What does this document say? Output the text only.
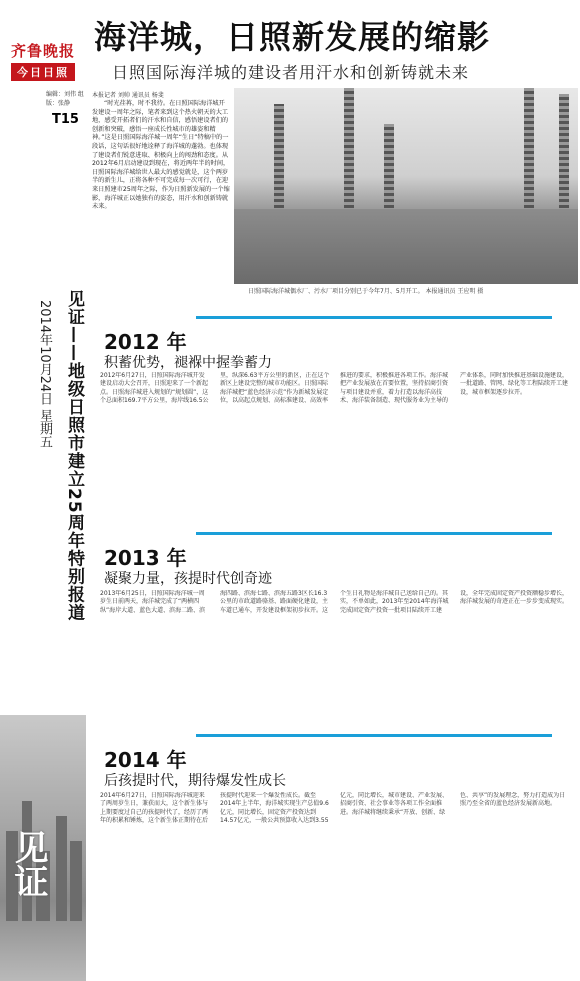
齐鲁晚报
今日日照
编辑：刘伟 组版：张静
T15
2014年10月24日 星期五 见证——地级日照市建立25周年特别报道
见证
海洋城，日照新发展的缩影
日照国际海洋城的建设者用汗水和创新铸就未来
本报记者 刘帅 通讯员 杨斐
“时光荏苒，时不我待。在日照国际海洋城开发建设一周年之际，笔者来到这个热火朝天的大工地，感受开拓者们的汗水和自信，感悟建设者们的创新和突破，感悟一座成长性城市的雄姿和精神。”这是日照国际海洋城一周年“生日”特稿中的一段话，这句话很好地诠释了海洋城的蓬勃。也体现了建设者们锐意进取、积极向上的闯劲和态度。从2012年6月启动建设到现在，将近两年半的时间，日照国际海洋城给世人最大的感觉就是，这个两岁半的新生儿，正将各种不可完成每一次可行，在迎来日照建市25周年之际，作为日照新发展的一个缩影，海洋城正以她独有的姿态，用汗水和创新铸就未来。
日照国际海洋城偶水厂、污水厂项目分别已于今年7月、5月开工。 本报通讯员 王应明 摄
2012 年
积蓄优势，褪褓中握拳蓄力
2012年6月27日，日照国际海洋城开发建设启动大会召开，日照迎来了一个新起点。日照海洋城进入规划的“规划圆”，这个总面积169.7平方公里，海岸线16.5公里，纵深6.63平方公里的新区，正在这个新区上建设完整的城市功能区。日照国际海洋城把“蓝色经济示范”作为新城发展定位，以高起点规划、高标准建设、高效率推进的要求，积极推进各项工作。海洋城把产业发展放在首要位置，坚持招商引资与项目建设并重，着力打造以海洋高技术、海洋装备制造、现代服务业为主导的产业体系，同时加快推进基础设施建设，一批道路、管网、绿化等工程陆续开工建设，城市框架逐步拉开。
2013 年
凝聚力量，孩提时代创奇迹
2013年6月25日，日照国际海洋城一周岁生日前两天，海洋城完成了“两横四纵”海岸大道、蓝色大道、滨海二路、滨海四路、滨海七路、滨海五路3区长16.3公里的市政道路骆基、路面硬化建设，主车道已通车，开发建设框架初步拉开。这个生日礼物是海洋城自己送给自己的。其实，不单如此，2013年至2014年海洋城完成固定资产投资一批项目陆续开工建设，全年完成固定资产投资额稳步增长，海洋城发展的奇迹正在一步步变成现实。
2014 年
后孩提时代，期待爆发性成长
2014年6月27日，日照国际海洋城迎来了两周岁生日，兼获而大，这个新生体与上期要度过自己的孩提时代了，经历了两年的积累和锤炼，这个新生体正期待在后孩提时代迎来一个爆发性成长。截至2014年上半年，海洋城实现生产总值9.6亿元，同比增长，固定资产投资达到14.57亿元，一般公共预算收入达到3.55亿元，同比增长，城市建设、产业发展、招商引资、社会事业等各项工作全面推进。海洋城将继续秉承“开放、创新、绿色、共享”的发展理念，努力打造成为日照乃至全省的蓝色经济发展新高地。
